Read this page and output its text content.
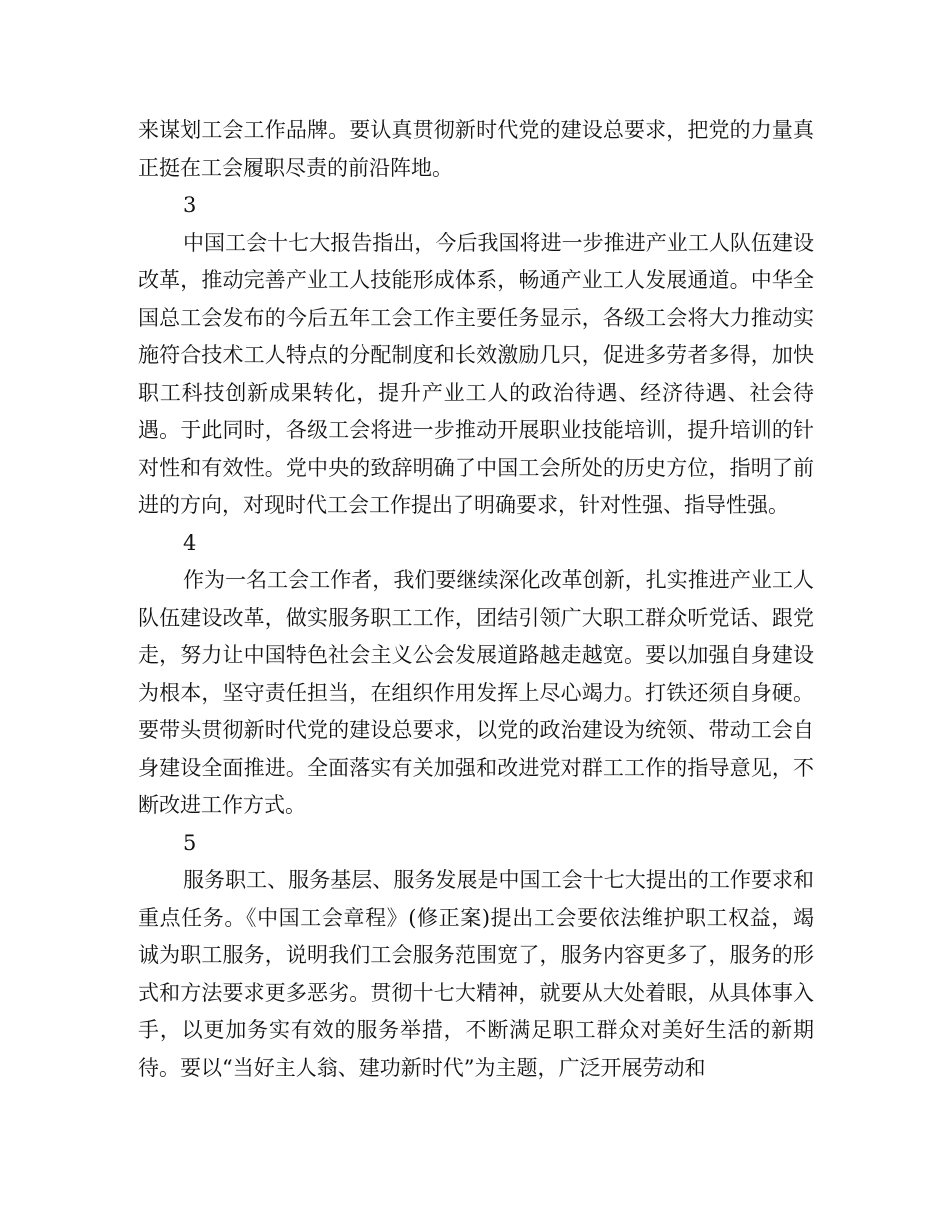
来谋划工会工作品牌。要认真贯彻新时代党的建设总要求，把党的力量真正挺在工会履职尽责的前沿阵地。

3

中国工会十七大报告指出，今后我国将进一步推进产业工人队伍建设改革，推动完善产业工人技能形成体系，畅通产业工人发展通道。中华全国总工会发布的今后五年工会工作主要任务显示，各级工会将大力推动实施符合技术工人特点的分配制度和长效激励几只，促进多劳者多得，加快职工科技创新成果转化，提升产业工人的政治待遇、经济待遇、社会待遇。于此同时，各级工会将进一步推动开展职业技能培训，提升培训的针对性和有效性。党中央的致辞明确了中国工会所处的历史方位，指明了前进的方向，对现时代工会工作提出了明确要求，针对性强、指导性强。

4

作为一名工会工作者，我们要继续深化改革创新，扎实推进产业工人队伍建设改革，做实服务职工工作，团结引领广大职工群众听党话、跟党走，努力让中国特色社会主义公会发展道路越走越宽。要以加强自身建设为根本，坚守责任担当，在组织作用发挥上尽心竭力。打铁还须自身硬。要带头贯彻新时代党的建设总要求，以党的政治建设为统领、带动工会自身建设全面推进。全面落实有关加强和改进党对群工工作的指导意见，不断改进工作方式。

5

服务职工、服务基层、服务发展是中国工会十七大提出的工作要求和重点任务。《中国工会章程》(修正案)提出工会要依法维护职工权益，竭诚为职工服务，说明我们工会服务范围宽了，服务内容更多了，服务的形式和方法要求更多恶劣。贯彻十七大精神，就要从大处着眼，从具体事入手，以更加务实有效的服务举措，不断满足职工群众对美好生活的新期待。要以“当好主人翁、建功新时代”为主题，广泛开展劳动和
